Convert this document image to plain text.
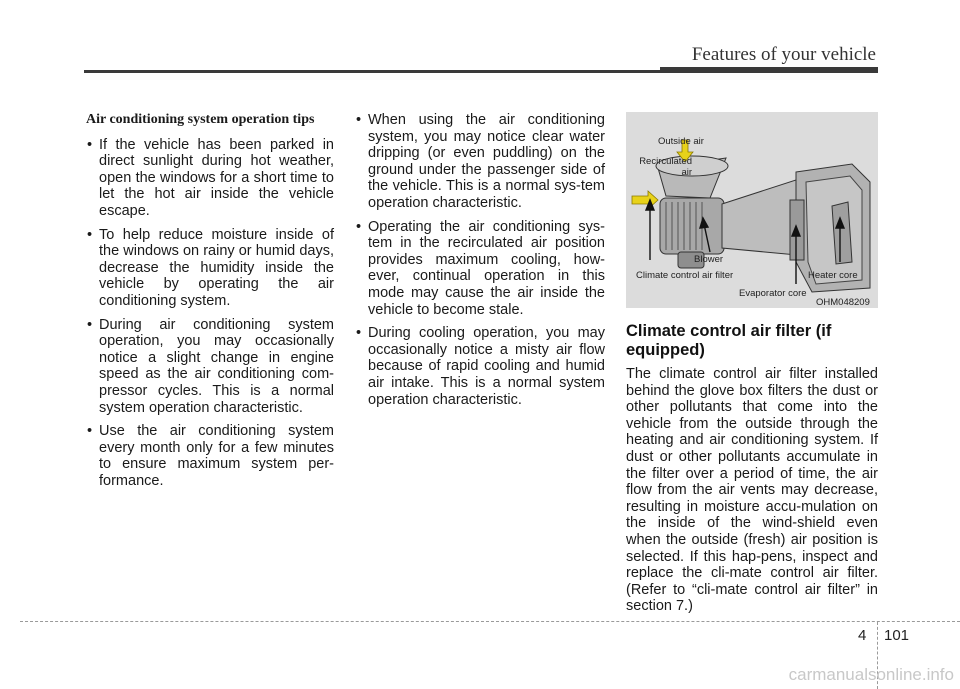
Features of your vehicle
Air conditioning system operation tips
• If the vehicle has been parked in direct sunlight during hot weather, open the windows for a short time to let the hot air inside the vehicle escape.
• To help reduce moisture inside of the windows on rainy or humid days, decrease the humidity inside the vehicle by operating the air conditioning system.
• During air conditioning system operation, you may occasionally notice a slight change in engine speed as the air conditioning com-pressor cycles. This is a normal system operation characteristic.
• Use the air conditioning system every month only for a few minutes to ensure maximum system per-formance.
• When using the air conditioning system, you may notice clear water dripping (or even puddling) on the ground under the passenger side of the vehicle. This is a normal sys-tem operation characteristic.
• Operating the air conditioning sys-tem in the recirculated air position provides maximum cooling, how-ever, continual operation in this mode may cause the air inside the vehicle to become stale.
• During cooling operation, you may occasionally notice a misty air flow because of rapid cooling and humid air intake. This is a normal system operation characteristic.
Outside air
Recirculated air
Blower
Climate control air filter	Heater core
Evaporator core
OHM048209
Climate control air filter (if equipped)

The climate control air filter installed behind the glove box filters the dust or other pollutants that come into the vehicle from the outside through the heating and air conditioning system. If dust or other pollutants accumulate in the filter over a period of time, the air flow from the air vents may decrease, resulting in moisture accu-mulation on the inside of the wind-shield even when the outside (fresh) air position is selected. If this hap-pens, inspect and replace the cli-mate control air filter. (Refer to “cli-mate control air filter” in section 7.)

4 101
carmanualsonline.info
